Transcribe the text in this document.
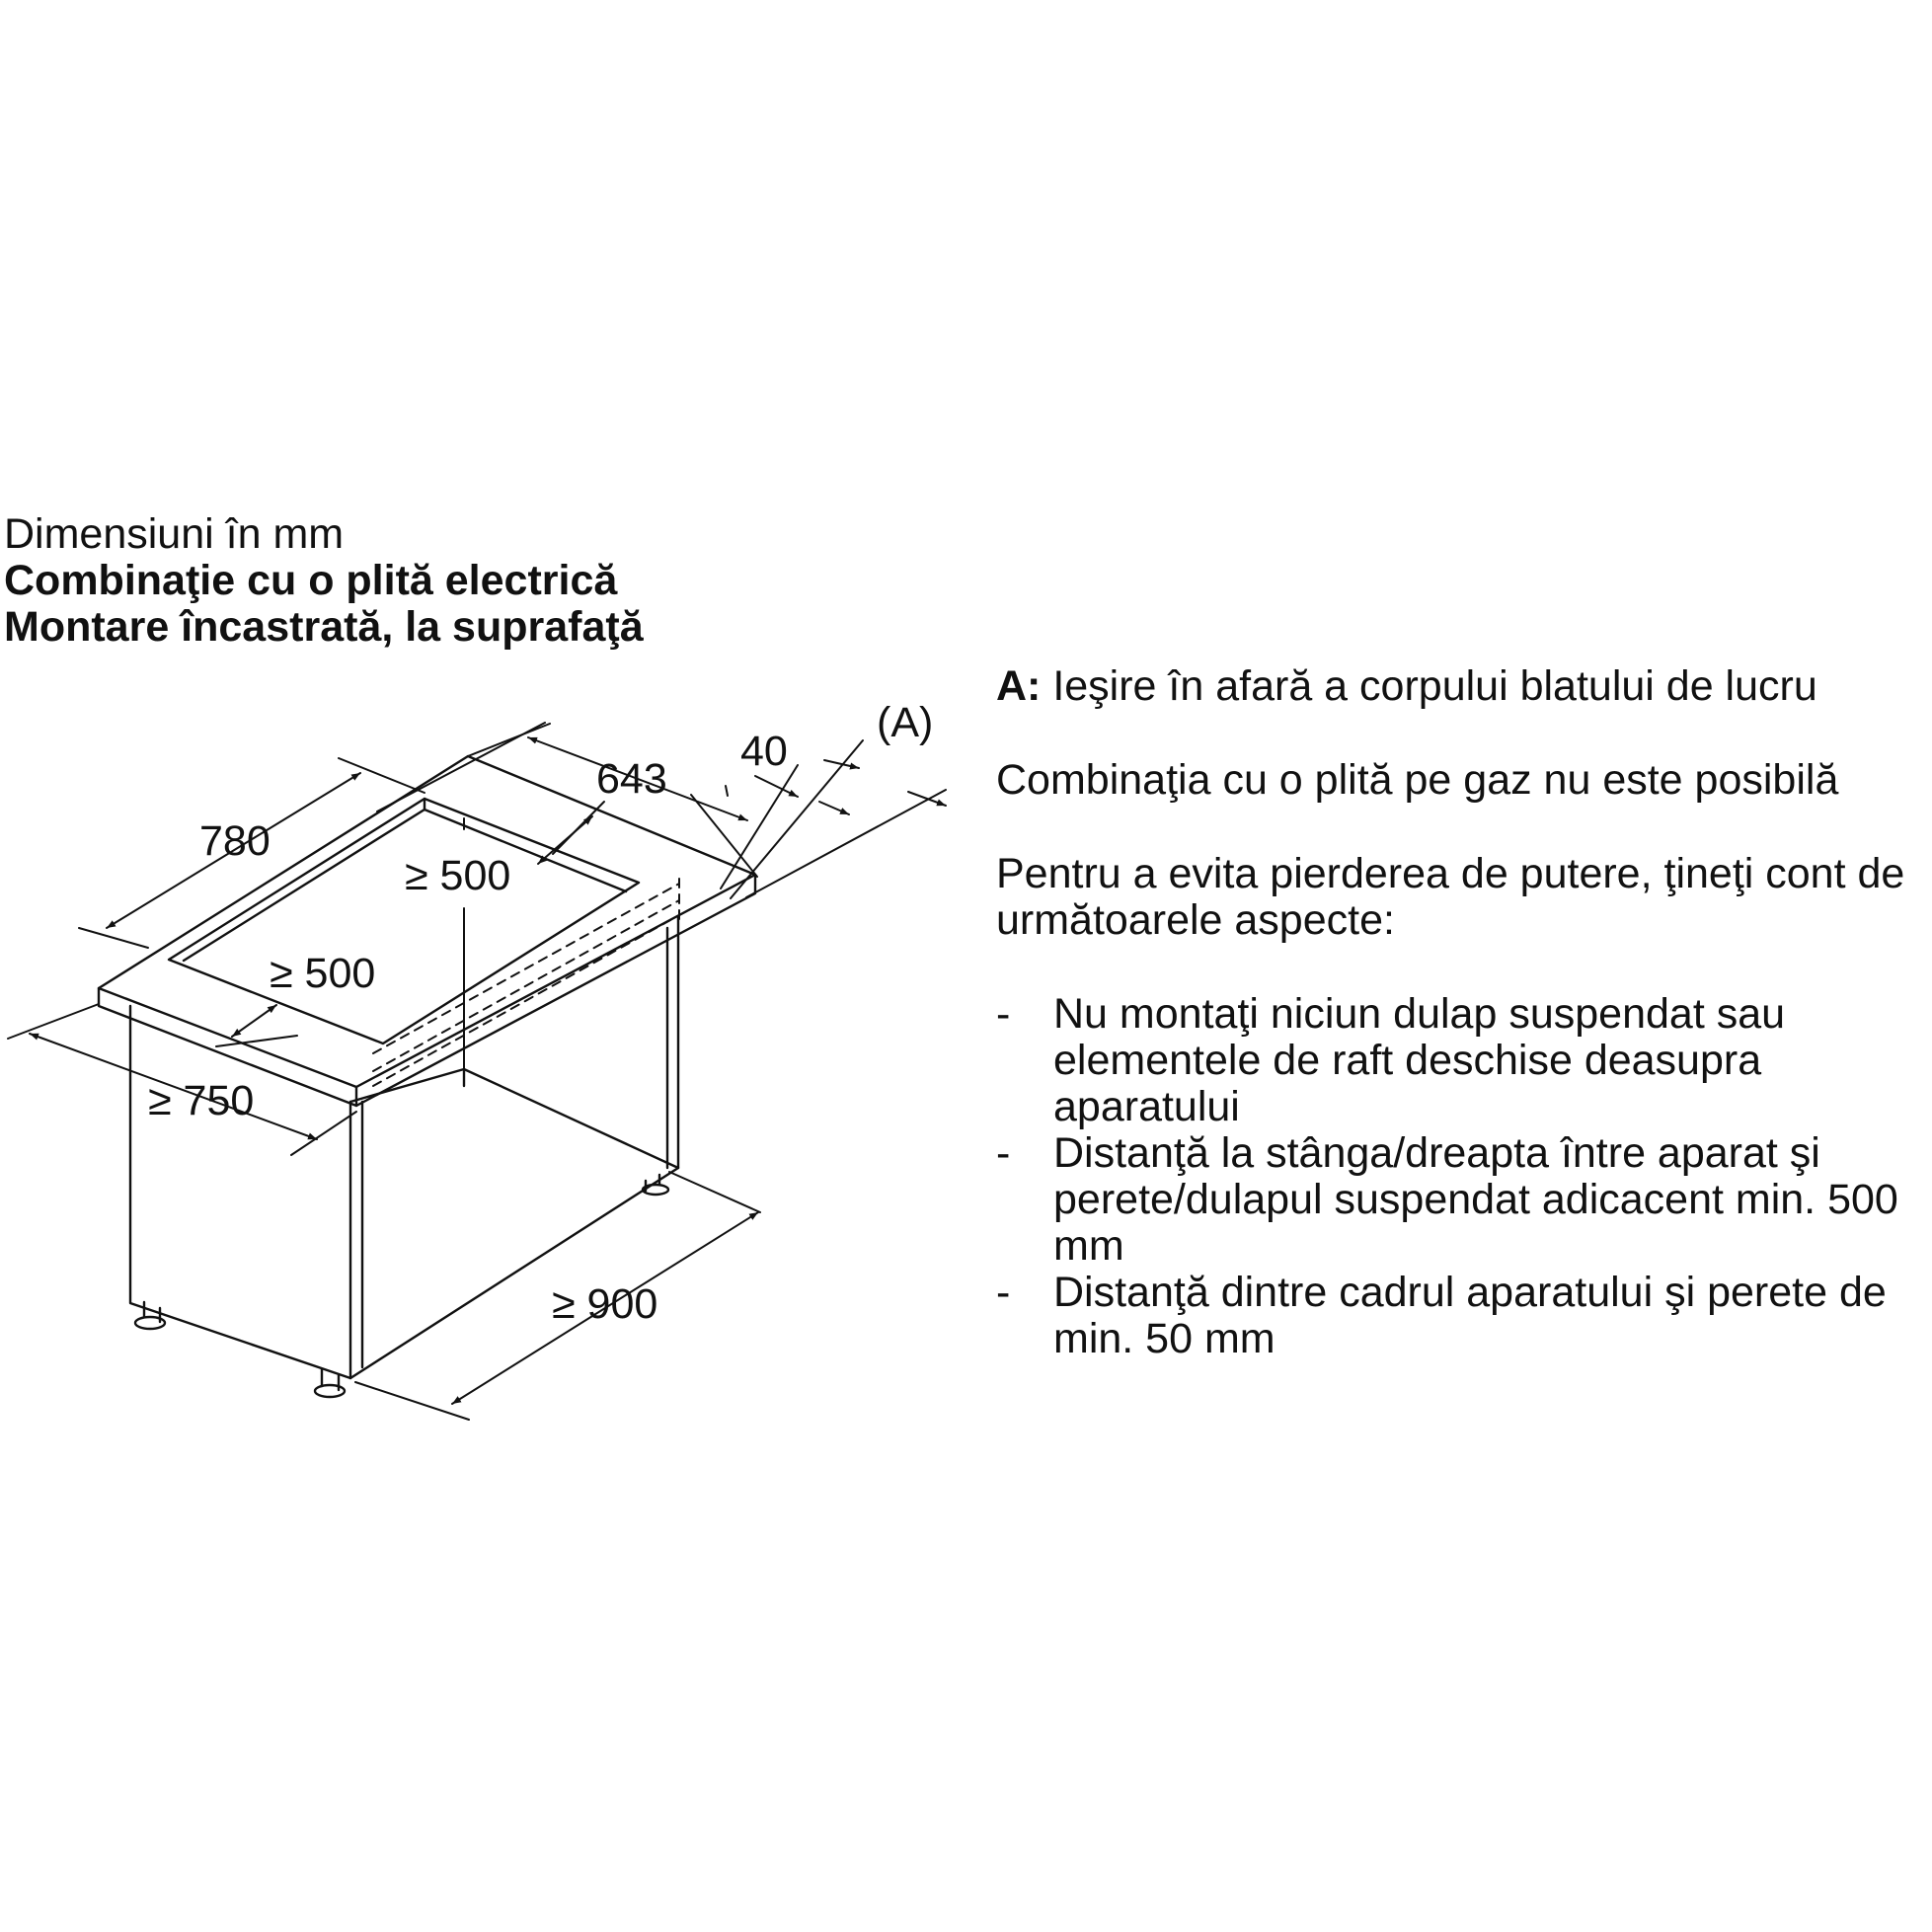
Dimensiuni în mm
Combinaţie cu o plită electrică
Montare încastrată, la suprafaţă
780
643
40
(A)
≥ 500
≥ 500
≥ 750
≥ 900

A: Ieşire în afară a corpului blatului de lucru

Combinaţia cu o plită pe gaz nu este posibilă

Pentru a evita pierderea de putere, ţineţi cont de următoarele aspecte:

- Nu montaţi niciun dulap suspendat sau elementele de raft deschise deasupra aparatului
- Distanţă la stânga/dreapta între aparat şi perete/dulapul suspendat adicacent min. 500 mm
- Distanţă dintre cadrul aparatului şi perete de min. 50 mm
